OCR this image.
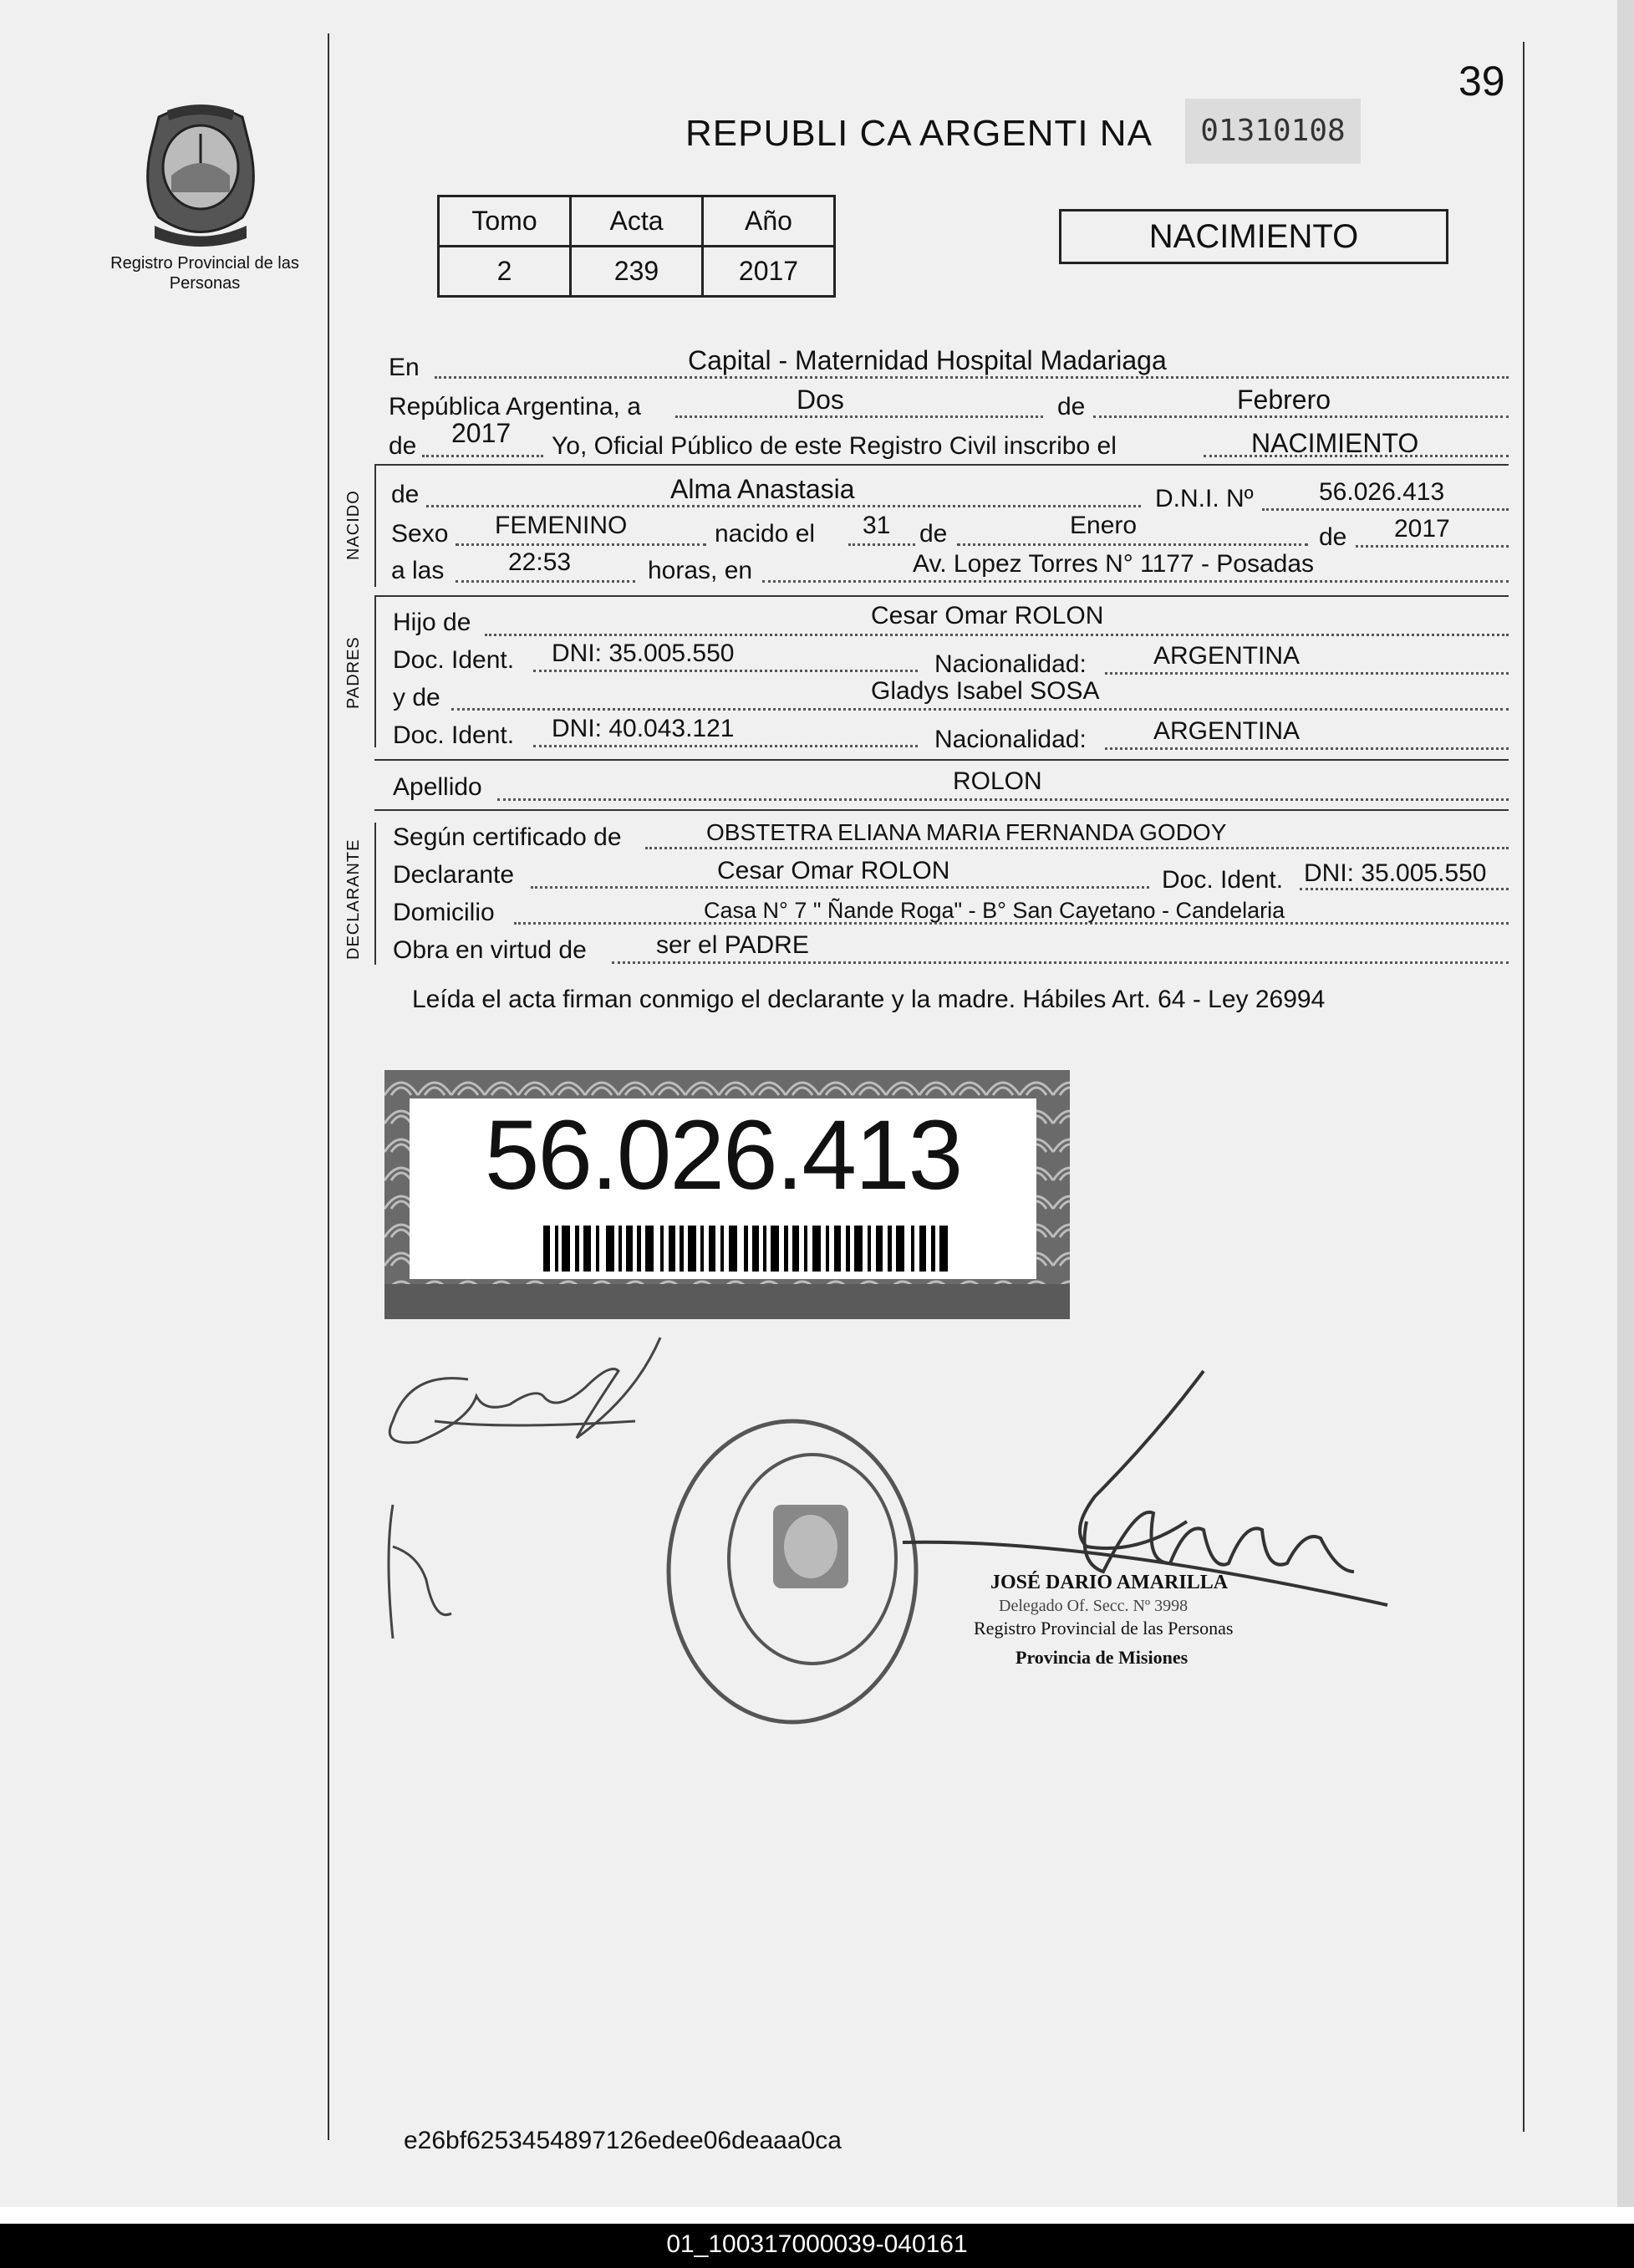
Registro Provincial de las Personas
39
REPUBLI CA ARGENTI NA	01310108
Tomo	Acta	Año
2	239	2017
NACIMIENTO
En	Capital - Maternidad Hospital Madariaga
República Argentina, a	Dos	de	Febrero
de 2017 Yo, Oficial Público de este Registro Civil inscribo el	NACIMIENTO
NACIDO de	Alma Anastasia	D.N.I. Nº	56.026.413
Sexo FEMENINO	nacido el 31 de	Enero	de 2017
a las	22:53	horas, en	Av. Lopez Torres N° 1177 - Posadas
PADRES
Hijo de	Cesar Omar ROLON
Doc. Ident. DNI: 35.005.550	Nacionalidad:	ARGENTINA
y de	Gladys Isabel SOSA
Doc. Ident. DNI: 40.043.121	Nacionalidad:	ARGENTINA
Apellido	ROLON
DECLARANTE
Según certificado de	OBSTETRA ELIANA MARIA FERNANDA GODOY
Declarante	Cesar Omar ROLON	Doc. Ident. DNI: 35.005.550
Domicilio	Casa N° 7 " Ñande Roga" - B° San Cayetano - Candelaria
Obra en virtud de	ser el PADRE
Leída el acta firman conmigo el declarante y la madre. Hábiles Art. 64 - Ley 26994
56.026.413
JOSÉ DARIO AMARILLA
Delegado Of. Secc. Nº 3998
Registro Provincial de las Personas
Provincia de Misiones
e26bf6253454897126edee06deaaa0ca
01_100317000039-040161
